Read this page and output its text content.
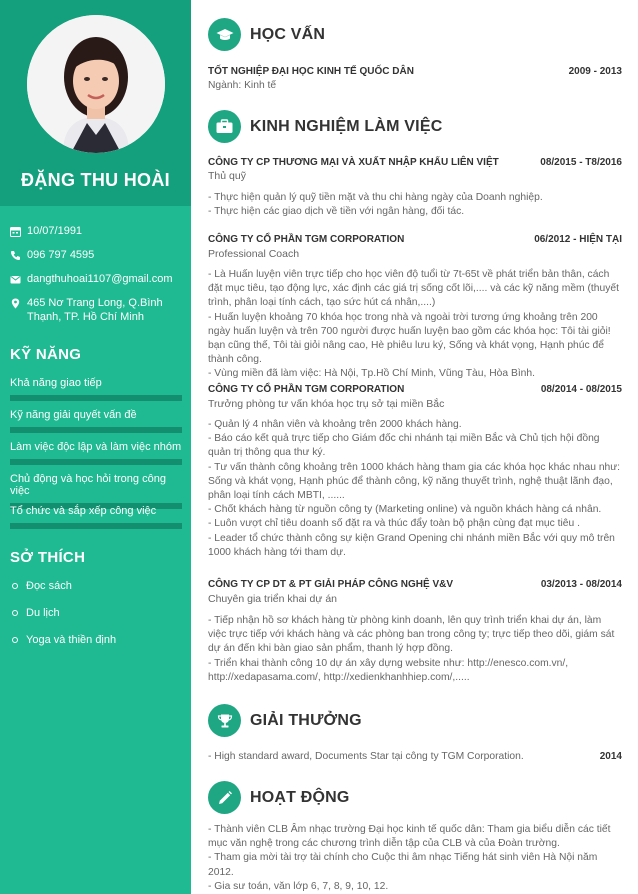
ĐẶNG THU HOÀI
10/07/1991
096 797 4595
dangthuhoai1107@gmail.com
465 Nơ Trang Long, Q.Bình Thạnh, TP. Hồ Chí Minh
KỸ NĂNG
Khả năng giao tiếp
Kỹ năng giải quyết vấn đề
Làm việc độc lập và làm việc nhóm
Chủ động và học hỏi trong công việc
Tổ chức và sắp xếp công việc
SỞ THÍCH
Đọc sách
Du lịch
Yoga và thiền định
HỌC VẤN
TỐT NGHIỆP ĐẠI HỌC KINH TẾ QUỐC DÂN	2009 - 2013
Ngành: Kinh tế
KINH NGHIỆM LÀM VIỆC
CÔNG TY CP THƯƠNG MẠI VÀ XUẤT NHẬP KHẨU LIÊN VIỆT	08/2015 - T8/2016
Thủ quỹ

- Thực hiện quản lý quỹ tiền mặt và thu chi hàng ngày của Doanh nghiệp.

- Thực hiện các giao dịch về tiền với ngân hàng, đối tác.

CÔNG TY CỔ PHẦN TGM CORPORATION	06/2012 - HIỆN TẠI
Professional Coach

- Là Huấn luyện viên trực tiếp cho học viên độ tuổi từ 7t-65t về phát triển bản thân, cách đặt mục tiêu, tạo động lực, xác định các giá trị sống cốt lõi,.... và các kỹ năng mềm (thuyết trình, phân loại tính cách, tạo sức hút cá nhân,....)

- Huấn luyện khoảng 70 khóa học trong nhà và ngoài trời tương ứng khoảng trên 200 ngày huấn luyện và trên 700 người được huấn luyện bao gồm các khóa học: Tôi tài giỏi! bạn cũng thế, Tôi tài giỏi nâng cao, Hè phiêu lưu ký, Sống và khát vọng, Hạnh phúc để thành công.

- Vùng miền đã làm việc: Hà Nội, Tp.Hồ Chí Minh, Vũng Tàu, Hòa Bình.

CÔNG TY CỔ PHẦN TGM CORPORATION	08/2014 - 08/2015
Trưởng phòng tư vấn khóa học trụ sở tại miền Bắc

- Quản lý 4 nhân viên và khoảng trên 2000 khách hàng.

- Báo cáo kết quả trực tiếp cho Giám đốc chi nhánh tại miền Bắc và Chủ tịch hội đồng quản trị thông qua thư ký.

- Tư vấn thành công khoảng trên 1000 khách hàng tham gia các khóa học khác nhau như: Sống và khát vọng, Hạnh phúc để thành công, kỹ năng thuyết trình, nghệ thuật lãnh đạo, phân loại tính cách MBTI, ......

- Chốt khách hàng từ nguồn công ty (Marketing online) và nguồn khách hàng cá nhân.

- Luôn vượt chỉ tiêu doanh số đặt ra và thúc đẩy toàn bộ phận cùng đạt mục tiêu .

- Leader tổ chức thành công sự kiện Grand Opening chi nhánh miền Bắc với quy mô trên 1000 khách hàng tới tham dự.

CÔNG TY CP DT & PT GIẢI PHÁP CÔNG NGHỆ V&V	03/2013 - 08/2014
Chuyên gia triển khai dự án

- Tiếp nhận hồ sơ khách hàng từ phòng kinh doanh, lên quy trình triển khai dự án, làm việc trực tiếp với khách hàng và các phòng ban trong công ty; trực tiếp theo dõi, giám sát dự án đến khi bàn giao sản phẩm, thanh lý hợp đồng.

- Triển khai thành công 10 dự án xây dựng website như: http://enesco.com.vn/, http://xedapasama.com/, http://xedienkhanhhiep.com/,.....

GIẢI THƯỞNG
- High standard award, Documents Star tại công ty TGM Corporation.	2014
HOẠT ĐỘNG

- Thành viên CLB Âm nhạc trường Đại học kinh tế quốc dân: Tham gia biểu diễn các tiết mục văn nghệ trong các chương trình diễn tập của CLB và của Đoàn trường.

- Tham gia mời tài trợ tài chính cho Cuộc thi âm nhạc Tiếng hát sinh viên Hà Nội năm 2012.

- Gia sư toán, văn lớp 6, 7, 8, 9, 10, 12.
